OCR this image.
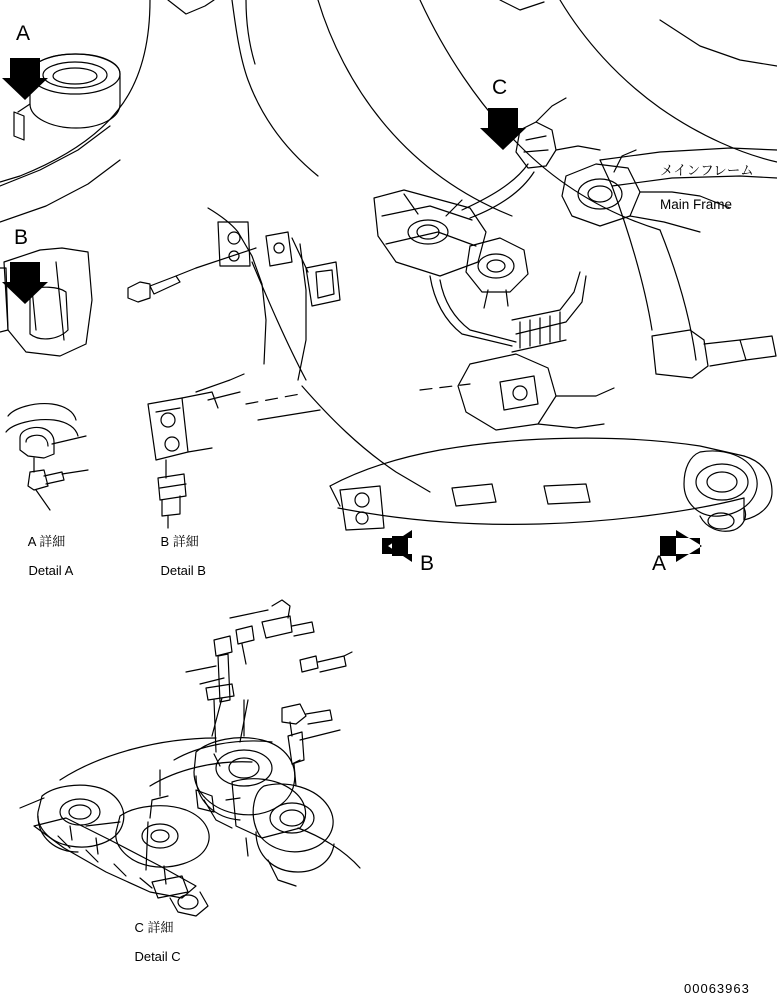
A
B
C

メインフレーム

Main Frame

A 詳細

Detail A

B 詳細

Detail B
	B	A

C 詳細

Detail C

00063963
